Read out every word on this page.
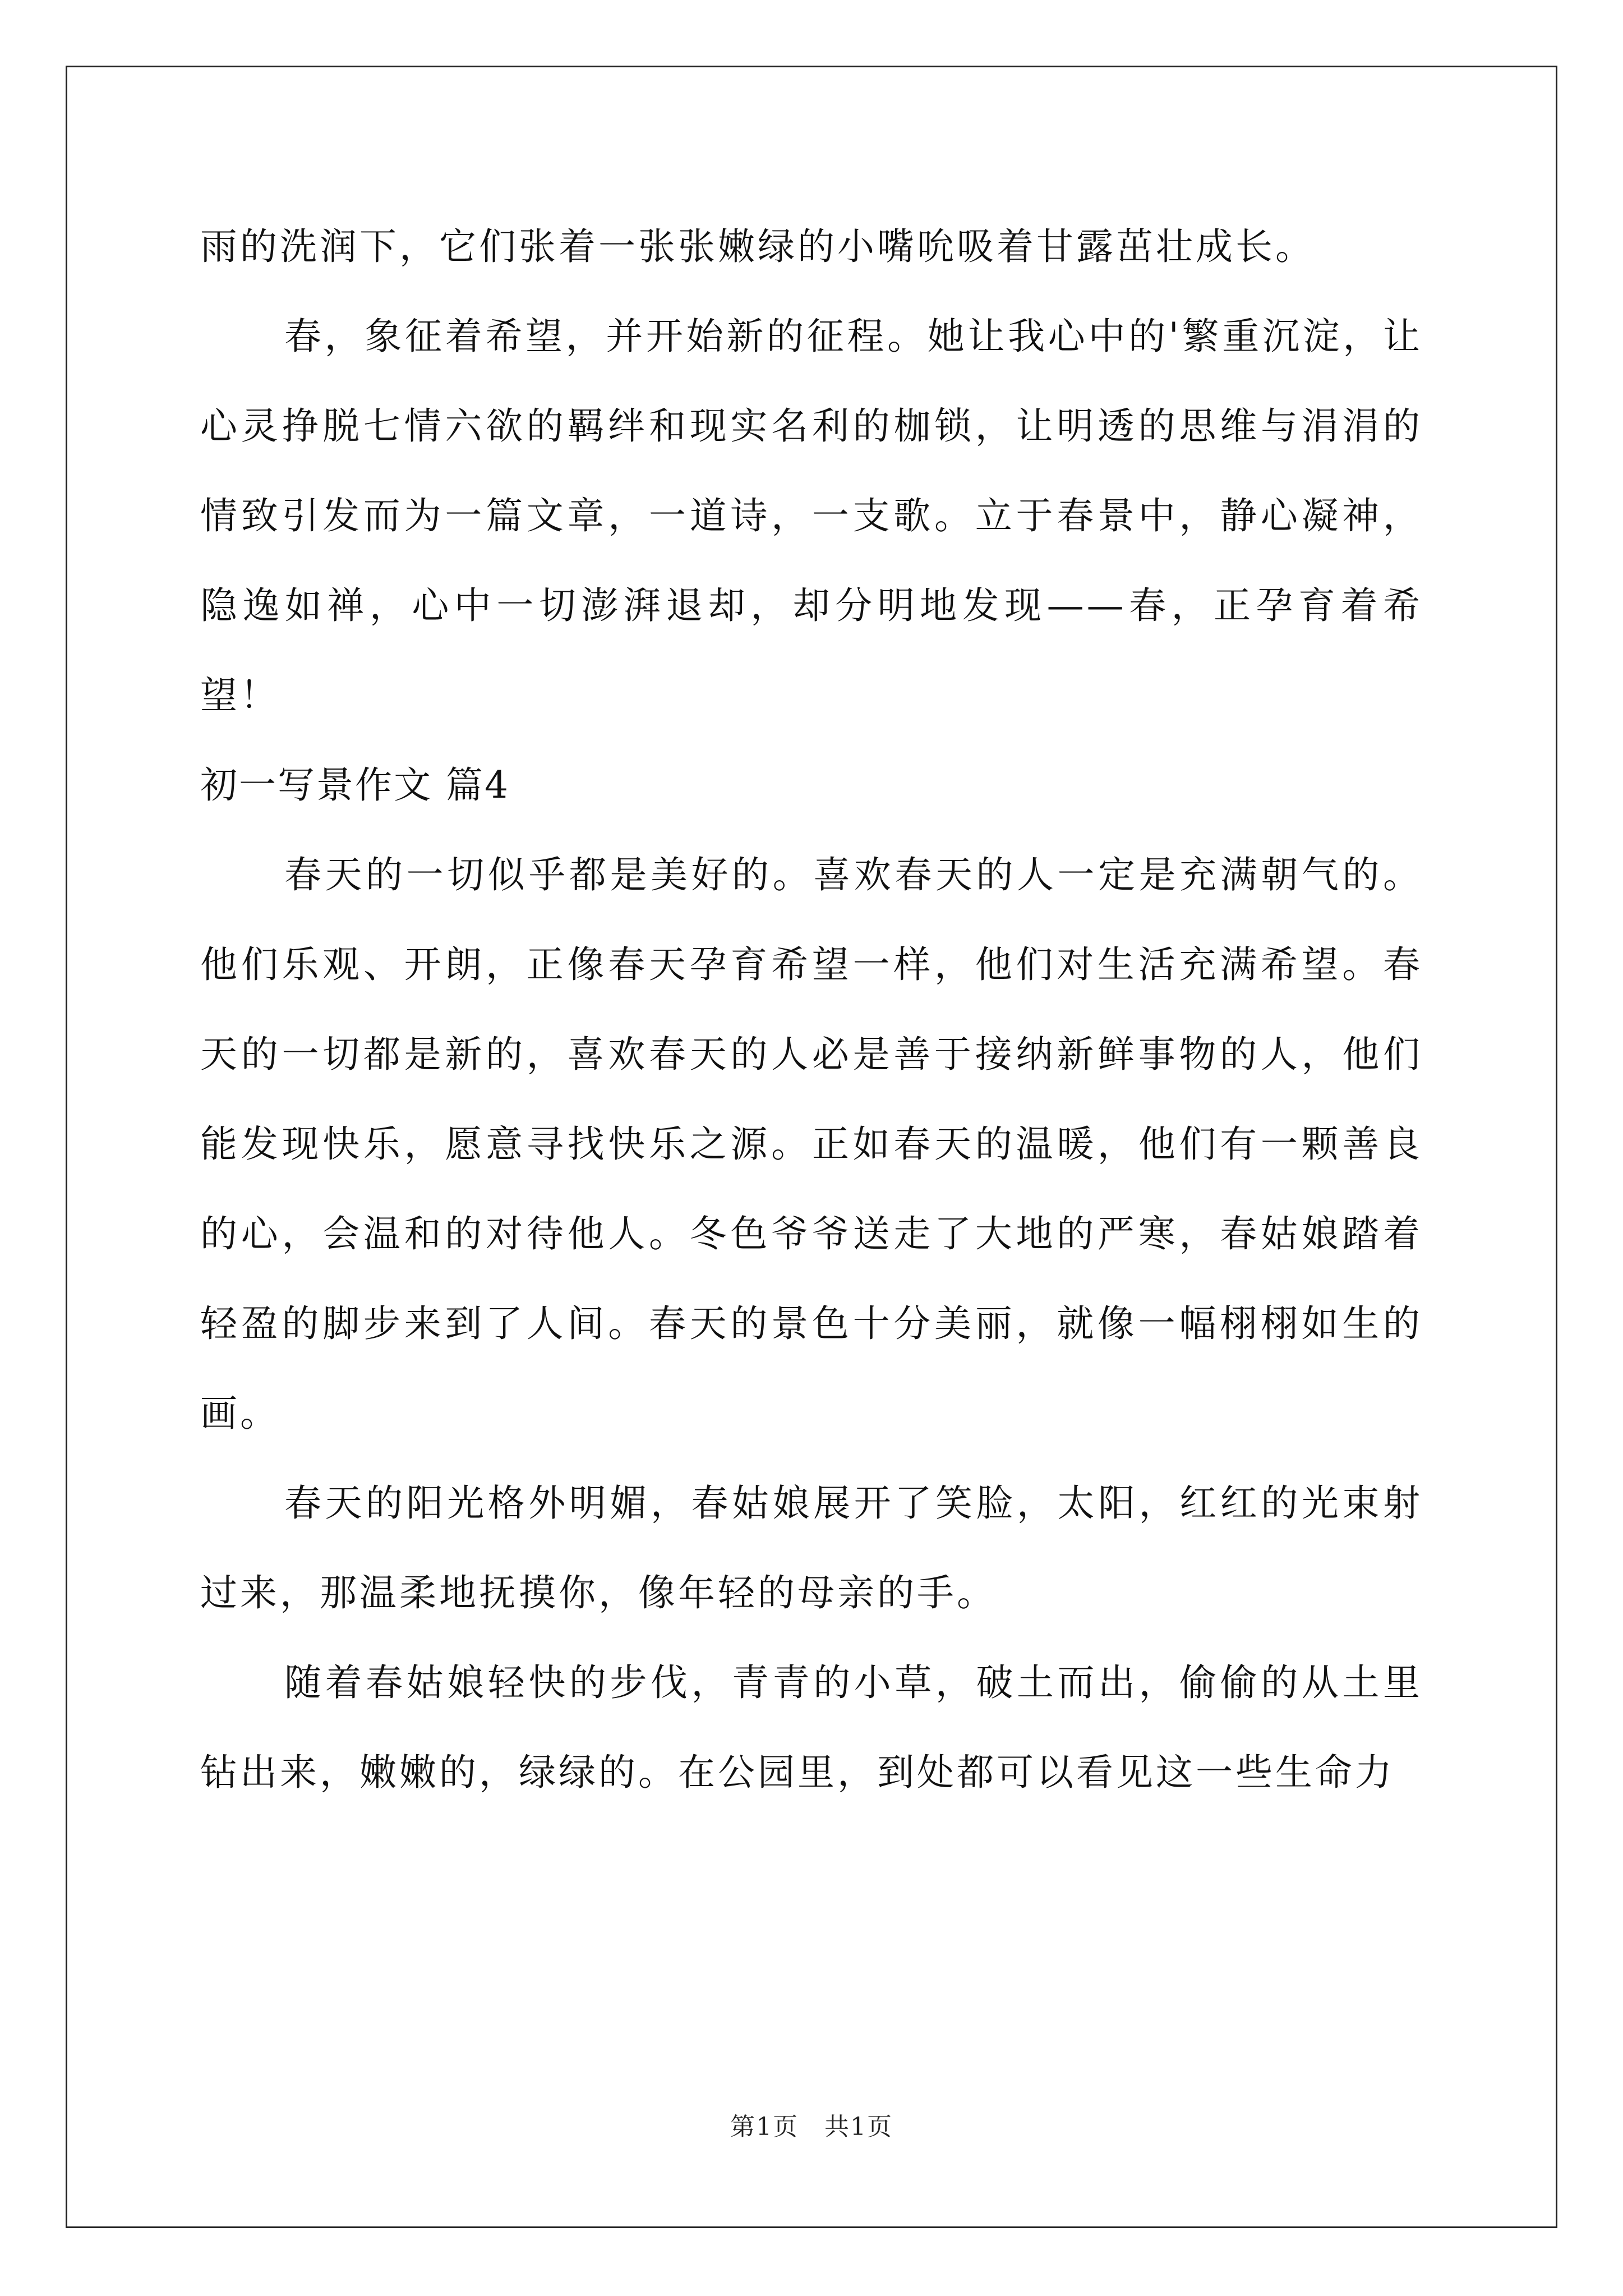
雨的洗润下，它们张着一张张嫩绿的小嘴吮吸着甘露茁壮成长。

春，象征着希望，并开始新的征程。她让我心中的'繁重沉淀，让心灵挣脱七情六欲的羁绊和现实名利的枷锁，让明透的思维与涓涓的情致引发而为一篇文章，一道诗，一支歌。立于春景中，静心凝神，隐逸如禅，心中一切澎湃退却，却分明地发现——春，正孕育着希望！

初一写景作文 篇4

春天的一切似乎都是美好的。喜欢春天的人一定是充满朝气的。他们乐观、开朗，正像春天孕育希望一样，他们对生活充满希望。春天的一切都是新的，喜欢春天的人必是善于接纳新鲜事物的人，他们能发现快乐，愿意寻找快乐之源。正如春天的温暖，他们有一颗善良的心，会温和的对待他人。冬色爷爷送走了大地的严寒，春姑娘踏着轻盈的脚步来到了人间。春天的景色十分美丽，就像一幅栩栩如生的画。

春天的阳光格外明媚，春姑娘展开了笑脸，太阳，红红的光束射过来，那温柔地抚摸你，像年轻的母亲的手。

随着春姑娘轻快的步伐，青青的小草，破土而出，偷偷的从土里钻出来，嫩嫩的，绿绿的。在公园里，到处都可以看见这一些生命力

第1页　共1页
